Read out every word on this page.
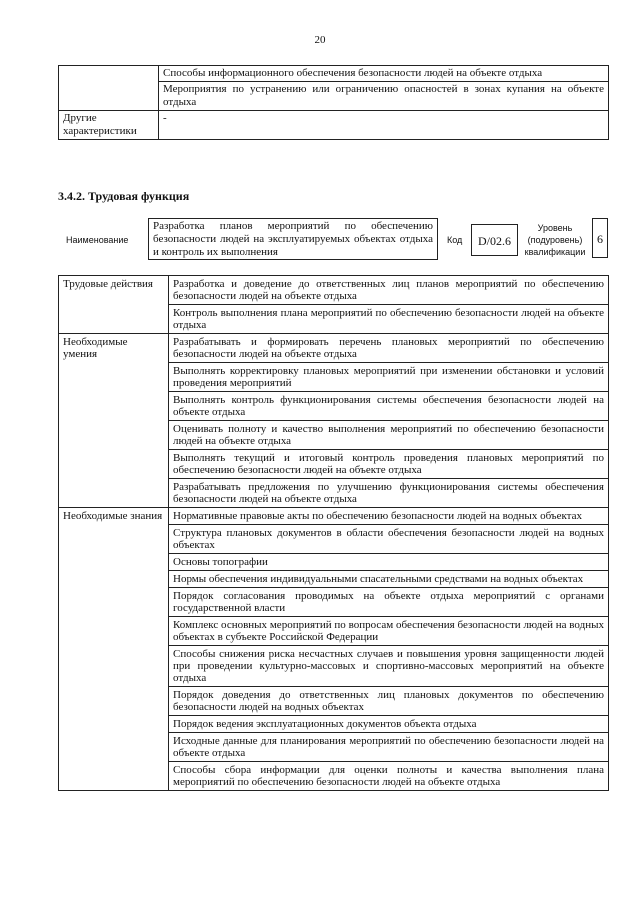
20
	Способы информационного обеспечения безопасности людей на объекте отдыха
	Мероприятия по устранению или ограничению опасностей в зонах купания на объекте отдыха
Другие характеристики	-
3.4.2. Трудовая функция
Наименование
Разработка планов мероприятий по обеспечению безопасности людей на эксплуатируемых объектах отдыха и контроль их выполнения
Код	D/02.6
Уровень (подуровень) квалификации
6
Трудовые действия	Разработка и доведение до ответственных лиц планов мероприятий по обеспечению безопасности людей на объекте отдыха
	Контроль выполнения плана мероприятий по обеспечению безопасности людей на объекте отдыха
Необходимые умения	Разрабатывать и формировать перечень плановых мероприятий по обеспечению безопасности людей на объекте отдыха
	Выполнять корректировку плановых мероприятий при изменении обстановки и условий проведения мероприятий
	Выполнять контроль функционирования системы обеспечения безопасности людей на объекте отдыха
	Оценивать полноту и качество выполнения мероприятий по обеспечению безопасности людей на объекте отдыха
	Выполнять текущий и итоговый контроль проведения плановых мероприятий по обеспечению безопасности людей на объекте отдыха
	Разрабатывать предложения по улучшению функционирования системы обеспечения безопасности людей на объекте отдыха
Необходимые знания	Нормативные правовые акты по обеспечению безопасности людей на водных объектах
	Структура плановых документов в области обеспечения безопасности людей на водных объектах
	Основы топографии
	Нормы обеспечения индивидуальными спасательными средствами на водных объектах
	Порядок согласования проводимых на объекте отдыха мероприятий с органами государственной власти
	Комплекс основных мероприятий по вопросам обеспечения безопасности людей на водных объектах в субъекте Российской Федерации
	Способы снижения риска несчастных случаев и повышения уровня защищенности людей при проведении культурно-массовых и спортивно-массовых мероприятий на объекте отдыха
	Порядок доведения до ответственных лиц плановых документов по обеспечению безопасности людей на водных объектах
	Порядок ведения эксплуатационных документов объекта отдыха
	Исходные данные для планирования мероприятий по обеспечению безопасности людей на объекте отдыха
	Способы сбора информации для оценки полноты и качества выполнения плана мероприятий по обеспечению безопасности людей на объекте отдыха
